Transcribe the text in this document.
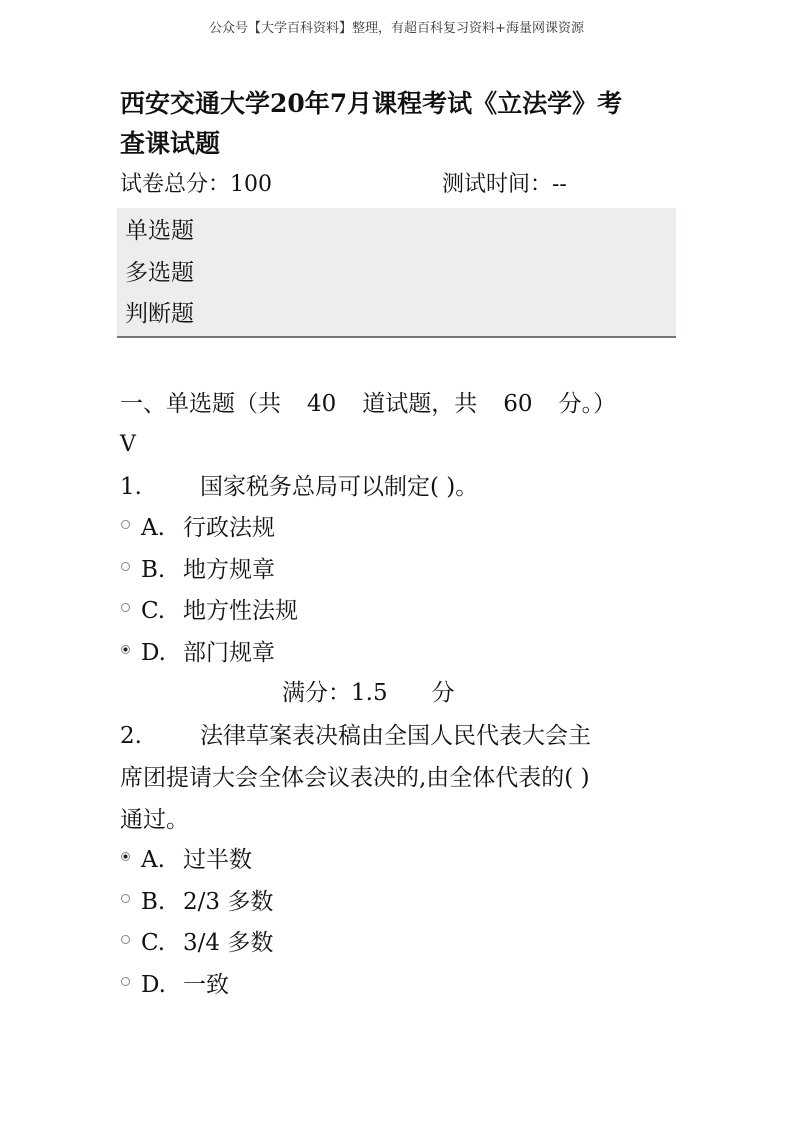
公众号【大学百科资料】整理，有超百科复习资料+海量网课资源
西安交通大学20年7月课程考试《立法学》考
查课试题
试卷总分：100	测试时间：--
单选题
多选题
判断题
一、单选题（共 40 道试题，共 60 分。）
V
1.	国家税务总局可以制定( )。
A. 行政法规
B. 地方规章
C. 地方性法规
D. 部门规章
满分：1.5 分
2.	法律草案表决稿由全国人民代表大会主
席团提请大会全体会议表决的,由全体代表的( )
通过。
A. 过半数
B. 2/3 多数
C. 3/4 多数
D. 一致
